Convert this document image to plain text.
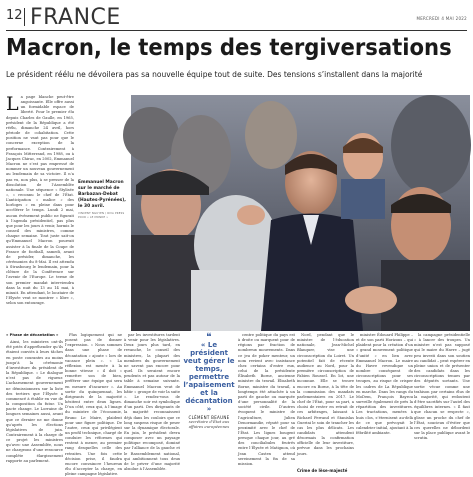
12 FRANCE	MERCREDI 4 MAI 2022
Macron, le temps des tergiversations
Le président réélu ne dévoilera pas sa nouvelle équipe tout de suite. Des tensions s’installent dans la majorité
L a page blanche peut-être angoissante. Elle offre aussi un formidable espace de liberté. Pour le premier élu depuis Charles de Gaulle, en 1965, président de la République a été réélu, dimanche 24 avril, hors période de cohabitation. Cette position ne vaut pas pour que le concerne exception de la performance. Contrairement à François Mitterrand, en 1988, ou à Jacques Chirac, en 2002, Emmanuel Macron ne s’est pas empressé de nommer un nouveau gouvernement au lendemain de sa victoire. Il n’a pas vu, non plus, à se presser de la dissolution de l’Assemblée nationale. Une séquence « Stylisée », « reconnu le chef de l’État. L’anticipation « malice » des horloges » en pleine dans pour accélérer le temps. Lundi 2 mai, aucun événement public ne figurait à l’agenda présidentiel, pas plus que pour les jours à venir, hormis le conseil des ministres, comme chaque semaine. Tout juste sait-on qu’Emmanuel Macron pourrait assister à la finale de la Coupe de France de football, samedi, avant de présider, dimanche, les cérémonies du 8-Mai. Il est attendu à Strasbourg le lendemain, pour la clôture de la Conférence sur l’avenir de l’Europe. Le terme de son premier mandat interviendra dans la nuit du 13 au 14 mai, à minuit. En attendant, le locataire de l’Elysée veut se montrer « libre », selon son entourage.
Emmanuel Macron sur le marché de Barbazan-Debat (Hautes-Pyrénées), le 30 avril.
VINCENT NGUYEN / RIVA PRESS POUR « LE MONDE »

« Phase de décantation »

Ainsi, les ministres ont-ils été priés d’appréhender qu’ils étaient conviés à leurs tâches en poste courantes au moins jusqu’à la cérémonie d’investiture du président de la République. « Le dialogue n’est pas de rigueur. L’acharnement gouvernement ne démissionnera sur la liste des tertiers que l’Élysée a commencé à établir en vue de la composition du futur. Un pacte change. Le Lorraine de longues semaines aussi, avant que ce dernier ne me donne qu’après les élections législatives de juin. Contrairement à la charge de ce projet les ministres qu’avec une Assemblée, nous ne chargeons d’une ressource complète élargissement rapporte au parlement.

Plus logiquement qui ne posent pas de donner l’expression. « Nous sommes dans une phase de décantation » ajoute « lors de vacance plein ». « La réflexion est menée à la bonne vitesse » il doit « remettre son de bien, préférer une équipe qui sera en mesure d’incarner ». Au sortir du quinquennat, les dirigeants de la majorité hésitent entre deux lignes. D’un côté, ceux qui, à l’image du ministre de l’économie, Bruno Le Maire, plaident pour une figure politique. De l’autre, ceux qui privilégient un profil technique, chargé de conduire les réformes qui restent à mener, au premier rang desquelles celle des retraites. Une fois cette décision prise, il faudra encore convaincre l’heureux élu d’accepter la charge, en pleine campagne législative.

par les investitures tardent à venir pour les législatives. Deux jours plus tard, en revanche, le conseil des ministres, la plupart des membres du gouvernement ne savent pas encore pour quel. Ils seraient encore prudents et pas autour de la table à semaine suivante. Emmanuel Macron veut de bâtir « groupe de voir la suite ». Le rendez-vous de dimanche soir est symbolique d’un parti. Des dirigeants de la majorité reconnaissent déjà dans les couloirs que ce long suspens risque de peser sur la dynamique électorale. En juin, le président devra composer avec un paysage politique recomposé, dominé par l’alliance de la gauche et le Rassemblement national, qui ambitionnent tous deux de le priver d’une majorité absolue à l’Assemblée.

❝
« Le président veut gérer le temps, permettre l’apaisement et la décantation »
CLÉMENT BEAUNE
secrétaire d’État aux affaires européennes

centre politique du pays est à droite ou marquent pour de régions par fraction de nombreux mouvements. Dans ce jeu de poker menteur, un nom revient avec insistance chez certains d’entre eux, celui de la présidente Élisabeth Borne, ancienne ministre du travail. Élisabeth Borne, ministre du travail, a longtemps été attachée à un parti de gauche ou marquée d’une personnalité de la société civile. D’autres évoquent le ministre de l’agriculture, Julien Denormandie, réputé pour sa proximité avec le chef de l’État. Les lignes bougent presque chaque jour, au gré des conciliabules feutrés entre l’Élysée et Matignon, où Jean Castex attend sereinement la fin de sa mission.

Nord, pendant que le ministre de l’éducation nationale, Jean-Michel Blanquer, vise une circonscription du Loiret. Un potentiel fait de récente audience au Nord, pour la première circonscription de Fabien Roussel. En lot, une inconnue. Elle se trouve encore en Borne, à la tête de la commission des mandats parlementaires en 2017. Le chef de l’État, pour sa part, a choisi de rester en retrait de ces arbitrages, laissant à Richard Ferrand et Stanislas Guerini le soin de trancher les cas les plus délicats. Les candidats attendent désormais la confirmation officielle de leur investiture, prévue dans les prochains jours.

ministre Édouard Philippe – et de son parti Horizons – qui plaident pour la création d’un « grand mouvement politique d’unité » en lien avec Emmanuel Macron. Le maire du Havre revendique un nombre conséquent de circonscriptions pour ses troupes, au risque de crisper les cadres de La République en marche. Dans les rangs du MoDem, François Bayrou surveille également de près la répartition des investitures. Les tractations, menées à huis clos, s’éternisent au-delà de ce que prévoyait le calendrier initial, ajoutant à la fébrilité ambiante.

la campagne présidentielle » à lancer des troupes. Un ministre n’est pas supposé qui le maire du Havre – jugé peu investi dans son soutien au candidat – peut espérer en pleine union et de présenter des candidats dans les circonscriptions tenues par des députés sortants. Une sortie vécue comme une trahison par certains élus de la majorité, qui redoutent d’être sacrifiés sur l’autel des équilibres internes. « Il faut que chacun se respecte », glisse un proche du chef de l’État, soucieux d’éviter que ces querelles ne débordent sur la place publique avant le scrutin.

Crime de lèse-majesté
